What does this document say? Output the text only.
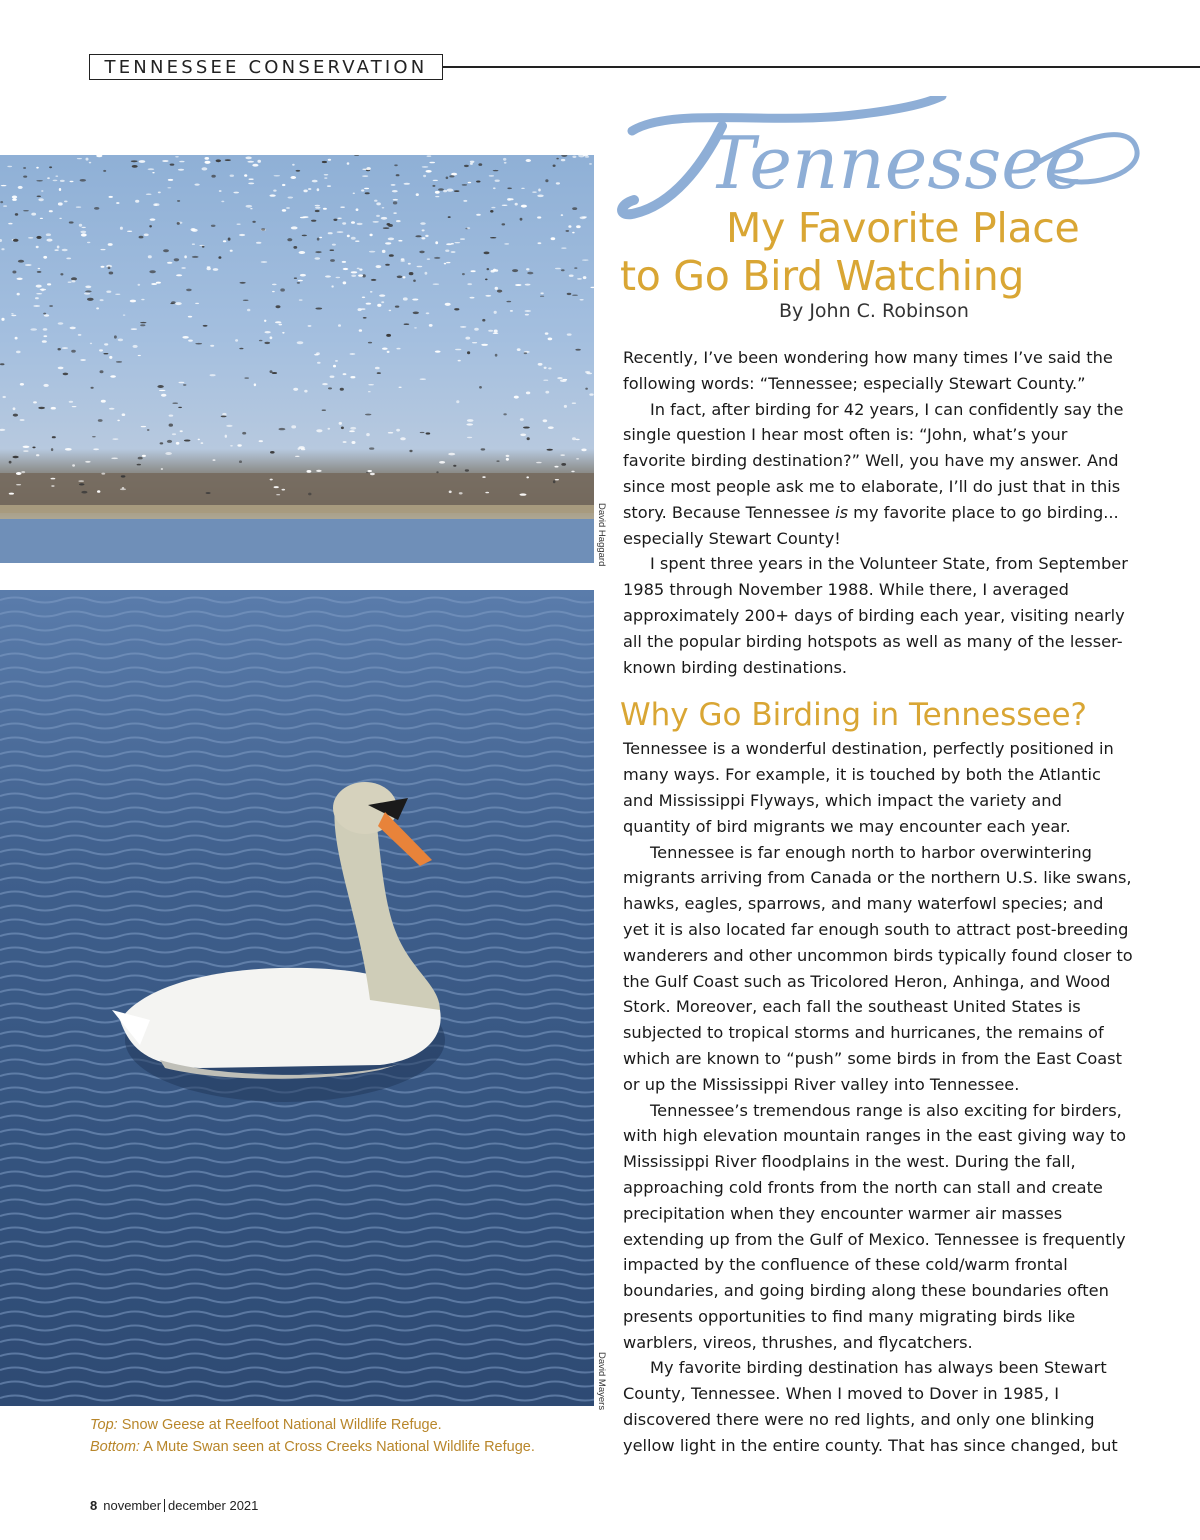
TENNESSEE CONSERVATION
David Haggard
David Mayers
Top: Snow Geese at Reelfoot National Wildlife Refuge.
Bottom: A Mute Swan seen at Cross Creeks National Wildlife Refuge.
Tennessee
My Favorite Place
to Go Bird Watching
By John C. Robinson

Recently, I’ve been wondering how many times I’ve said the following words: “Tennessee; especially Stewart County.”

In fact, after birding for 42 years, I can confidently say the single question I hear most often is: “John, what’s your favorite birding destination?” Well, you have my answer. And since most people ask me to elaborate, I’ll do just that in this story. Because Tennessee is my favorite place to go birding... especially Stewart County!

I spent three years in the Volunteer State, from September 1985 through November 1988. While there, I averaged approximately 200+ days of birding each year, visiting nearly all the popular birding hotspots as well as many of the lesser-known birding destinations.

Why Go Birding in Tennessee?

Tennessee is a wonderful destination, perfectly positioned in many ways. For example, it is touched by both the Atlantic and Mississippi Flyways, which impact the variety and quantity of bird migrants we may encounter each year.

Tennessee is far enough north to harbor overwintering migrants arriving from Canada or the northern U.S. like swans, hawks, eagles, sparrows, and many waterfowl species; and yet it is also located far enough south to attract post-breeding wanderers and other uncommon birds typically found closer to the Gulf Coast such as Tricolored Heron, Anhinga, and Wood Stork. Moreover, each fall the southeast United States is subjected to tropical storms and hurricanes, the remains of which are known to “push” some birds in from the East Coast or up the Mississippi River valley into Tennessee.

Tennessee’s tremendous range is also exciting for birders, with high elevation mountain ranges in the east giving way to Mississippi River floodplains in the west. During the fall, approaching cold fronts from the north can stall and create precipitation when they encounter warmer air masses extending up from the Gulf of Mexico. Tennessee is frequently impacted by the confluence of these cold/warm frontal boundaries, and going birding along these boundaries often presents opportunities to find many migrating birds like warblers, vireos, thrushes, and flycatchers.

My favorite birding destination has always been Stewart County, Tennessee. When I moved to Dover in 1985, I discovered there were no red lights, and only one blinking yellow light in the entire county. That has since changed, but

8 november december 2021
